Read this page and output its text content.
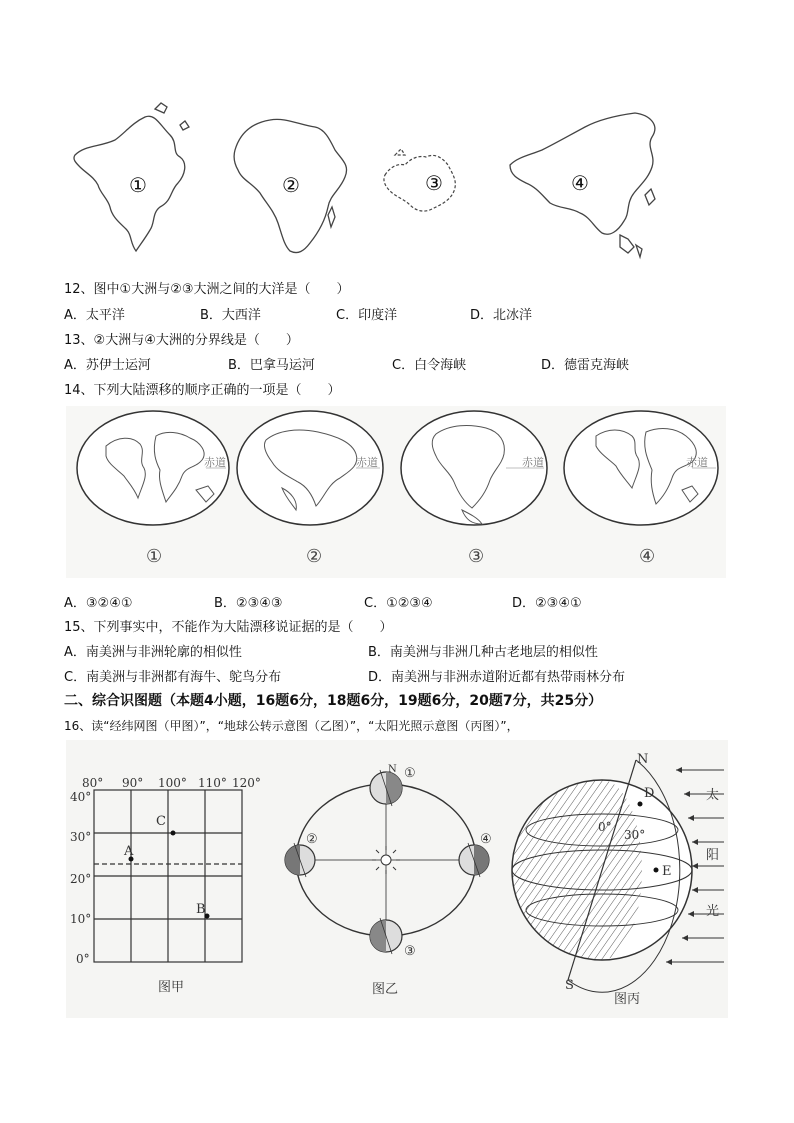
①	②	③	④
12、图中①大洲与②③大洲之间的大洋是（　　）
A．太平洋	B．大西洋	C．印度洋	D．北冰洋
13、②大洲与④大洲的分界线是（　　）
A．苏伊士运河	B．巴拿马运河	C．白令海峡	D．德雷克海峡
14、下列大陆漂移的顺序正确的一项是（　　）
赤道	赤道	赤道	赤道
①	②	③	④
A．③②④①	B．②③④③	C．①②③④	D．②③④①
15、下列事实中，不能作为大陆漂移说证据的是（　　）
A．南美洲与非洲轮廓的相似性	B．南美洲与非洲几种古老地层的相似性
C．南美洲与非洲都有海牛、鸵鸟分布	D．南美洲与非洲赤道附近都有热带雨林分布
二、综合识图题（本题4小题，16题6分，18题6分，19题6分，20题7分，共25分）
16、读“经纬网图（甲图）”，“地球公转示意图（乙图）”，“太阳光照示意图（丙图）”，
80° 90° 100° 110° 120°
40°
30°
20°
10°
0°
A
B
C
图甲
①
②
③
④
N
图乙
N
S
D
E
0°
30°
太
阳
光
图丙
